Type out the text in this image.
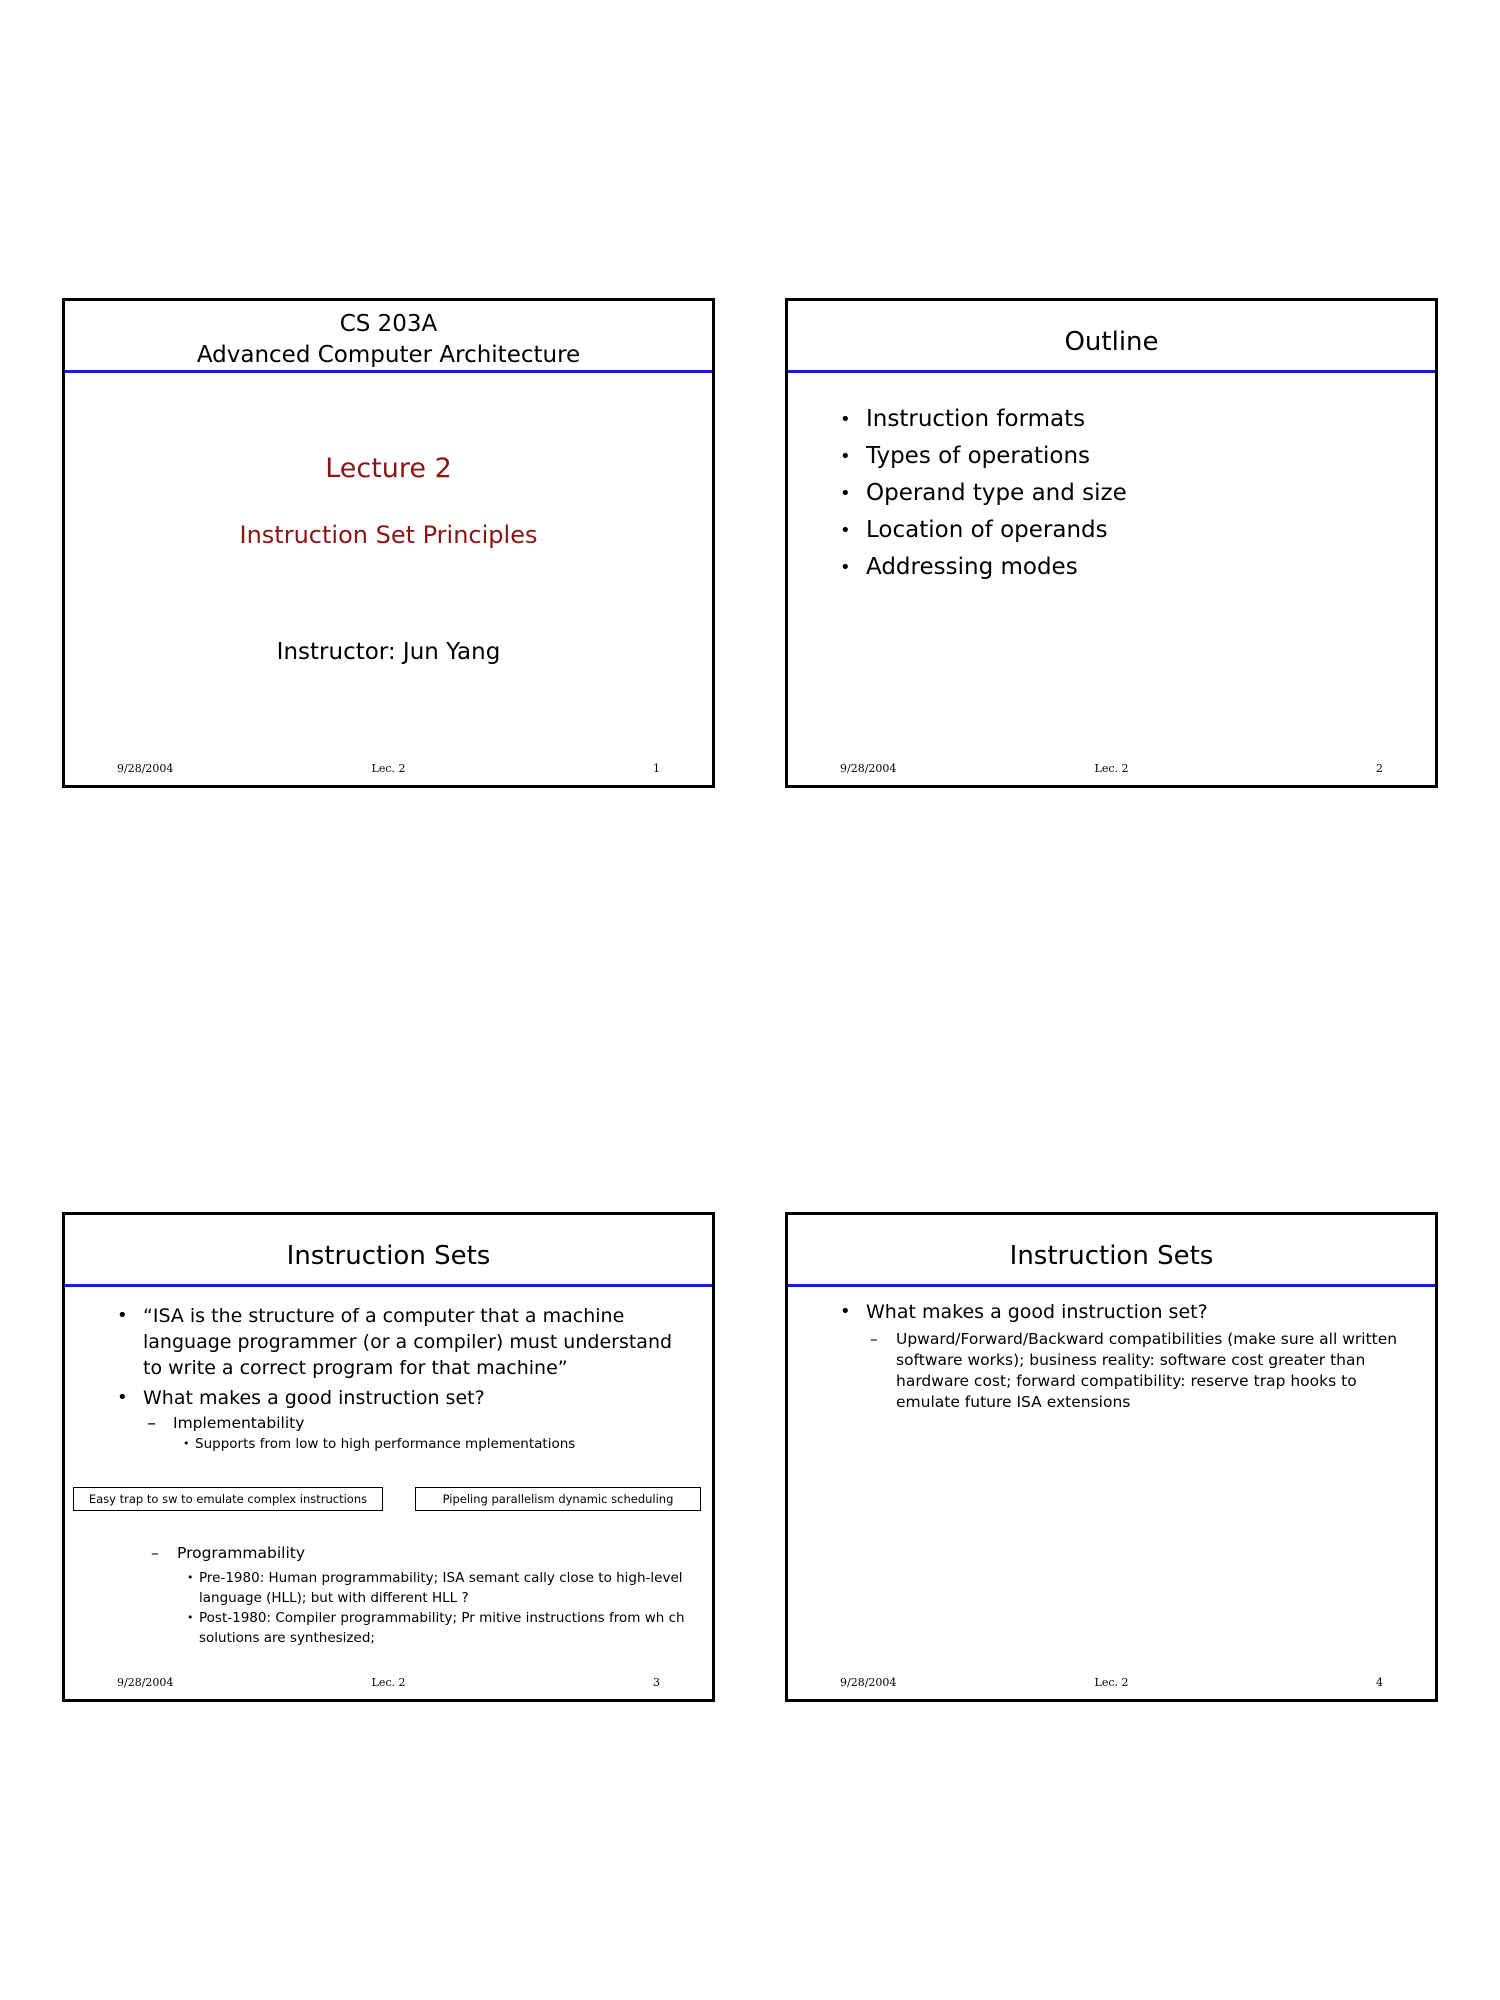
CS 203A
Advanced Computer Architecture
Lecture 2
Instruction Set Principles
Instructor: Jun Yang
9/28/2004	Lec. 2	1
Outline
• Instruction formats
• Types of operations
• Operand type and size
• Location of operands
• Addressing modes
9/28/2004	Lec. 2	2
Instruction Sets
• “ISA is the structure of a computer that a machine language programmer (or a compiler) must understand to write a correct program for that machine”
• What makes a good instruction set?
– Implementability
• Supports from low to high performance mplementations
Easy trap to sw to emulate complex instructions	Pipeling parallelism dynamic scheduling
– Programmability
• Pre-1980: Human programmability; ISA semant cally close to high-level language (HLL); but with different HLL ?
• Post-1980: Compiler programmability; Pr mitive instructions from wh ch solutions are synthesized;
9/28/2004	Lec. 2	3
Instruction Sets
• What makes a good instruction set?
– Upward/Forward/Backward compatibilities (make sure all written software works); business reality: software cost greater than hardware cost; forward compatibility: reserve trap hooks to emulate future ISA extensions
9/28/2004	Lec. 2	4
